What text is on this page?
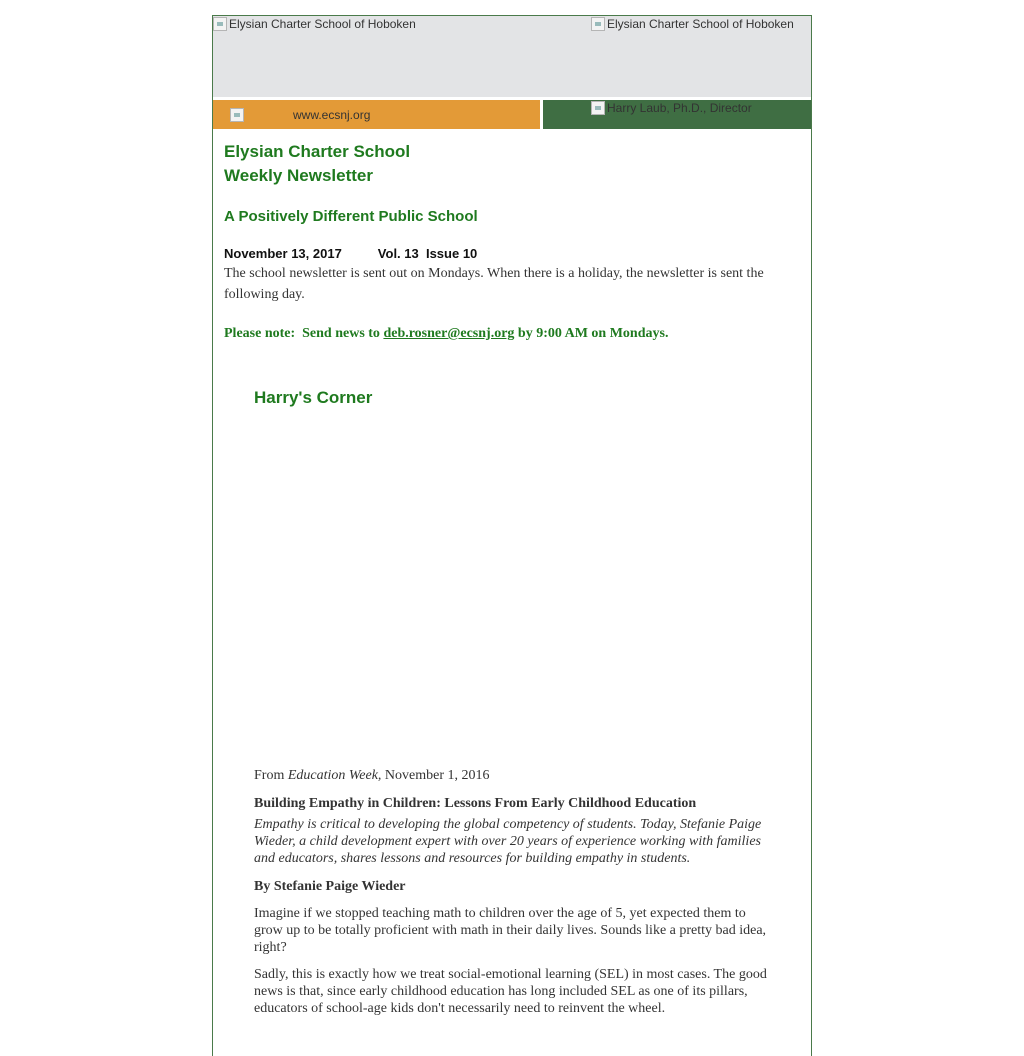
Elysian Charter School of Hoboken	Elysian Charter School of Hoboken
www.ecsnj.org	Harry Laub, Ph.D., Director

Elysian Charter School

Weekly Newsletter

A Positively Different Public School

November 13, 2017	Vol. 13  Issue 10

The school newsletter is sent out on Mondays. When there is a holiday, the newsletter is sent the following day.

Please note:  Send news to deb.rosner@ecsnj.org by 9:00 AM on Mondays.

Harry's Corner

From Education Week, November 1, 2016

Building Empathy in Children: Lessons From Early Childhood Education

Empathy is critical to developing the global competency of students. Today, Stefanie Paige Wieder, a child development expert with over 20 years of experience working with families and educators, shares lessons and resources for building empathy in students.

By Stefanie Paige Wieder

Imagine if we stopped teaching math to children over the age of 5, yet expected them to grow up to be totally proficient with math in their daily lives. Sounds like a pretty bad idea, right?

Sadly, this is exactly how we treat social-emotional learning (SEL) in most cases. The good news is that, since early childhood education has long included SEL as one of its pillars, educators of school-age kids don't necessarily need to reinvent the wheel.
